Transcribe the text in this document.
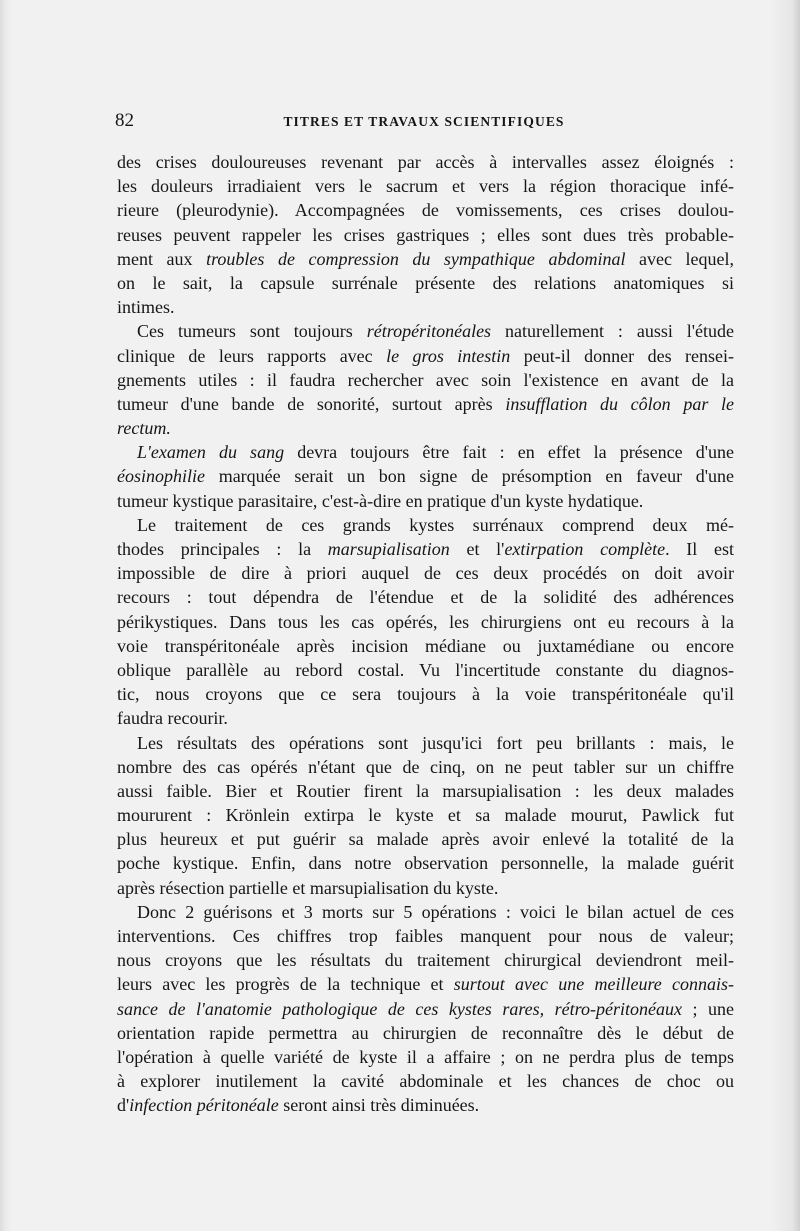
82	TITRES ET TRAVAUX SCIENTIFIQUES
des crises douloureuses revenant par accès à intervalles assez éloignés :
les douleurs irradiaient vers le sacrum et vers la région thoracique infé-
rieure (pleurodynie). Accompagnées de vomissements, ces crises doulou-
reuses peuvent rappeler les crises gastriques ; elles sont dues très probable-
ment aux troubles de compression du sympathique abdominal avec lequel,
on le sait, la capsule surrénale présente des relations anatomiques si
intimes.
Ces tumeurs sont toujours rétropéritonéales naturellement : aussi l'étude
clinique de leurs rapports avec le gros intestin peut-il donner des rensei-
gnements utiles : il faudra rechercher avec soin l'existence en avant de la
tumeur d'une bande de sonorité, surtout après insufflation du côlon par le
rectum.
L'examen du sang devra toujours être fait : en effet la présence d'une
éosinophilie marquée serait un bon signe de présomption en faveur d'une
tumeur kystique parasitaire, c'est-à-dire en pratique d'un kyste hydatique.
Le traitement de ces grands kystes surrénaux comprend deux mé-
thodes principales : la marsupialisation et l'extirpation complète. Il est
impossible de dire à priori auquel de ces deux procédés on doit avoir
recours : tout dépendra de l'étendue et de la solidité des adhérences
périkystiques. Dans tous les cas opérés, les chirurgiens ont eu recours à la
voie transpéritonéale après incision médiane ou juxtamédiane ou encore
oblique parallèle au rebord costal. Vu l'incertitude constante du diagnos-
tic, nous croyons que ce sera toujours à la voie transpéritonéale qu'il
faudra recourir.
Les résultats des opérations sont jusqu'ici fort peu brillants : mais, le
nombre des cas opérés n'étant que de cinq, on ne peut tabler sur un chiffre
aussi faible. Bier et Routier firent la marsupialisation : les deux malades
moururent : Krönlein extirpa le kyste et sa malade mourut, Pawlick fut
plus heureux et put guérir sa malade après avoir enlevé la totalité de la
poche kystique. Enfin, dans notre observation personnelle, la malade guérit
après résection partielle et marsupialisation du kyste.
Donc 2 guérisons et 3 morts sur 5 opérations : voici le bilan actuel de ces
interventions. Ces chiffres trop faibles manquent pour nous de valeur;
nous croyons que les résultats du traitement chirurgical deviendront meil-
leurs avec les progrès de la technique et surtout avec une meilleure connais-
sance de l'anatomie pathologique de ces kystes rares, rétro-péritonéaux ; une
orientation rapide permettra au chirurgien de reconnaître dès le début de
l'opération à quelle variété de kyste il a affaire ; on ne perdra plus de temps
à explorer inutilement la cavité abdominale et les chances de choc ou
d'infection péritonéale seront ainsi très diminuées.
